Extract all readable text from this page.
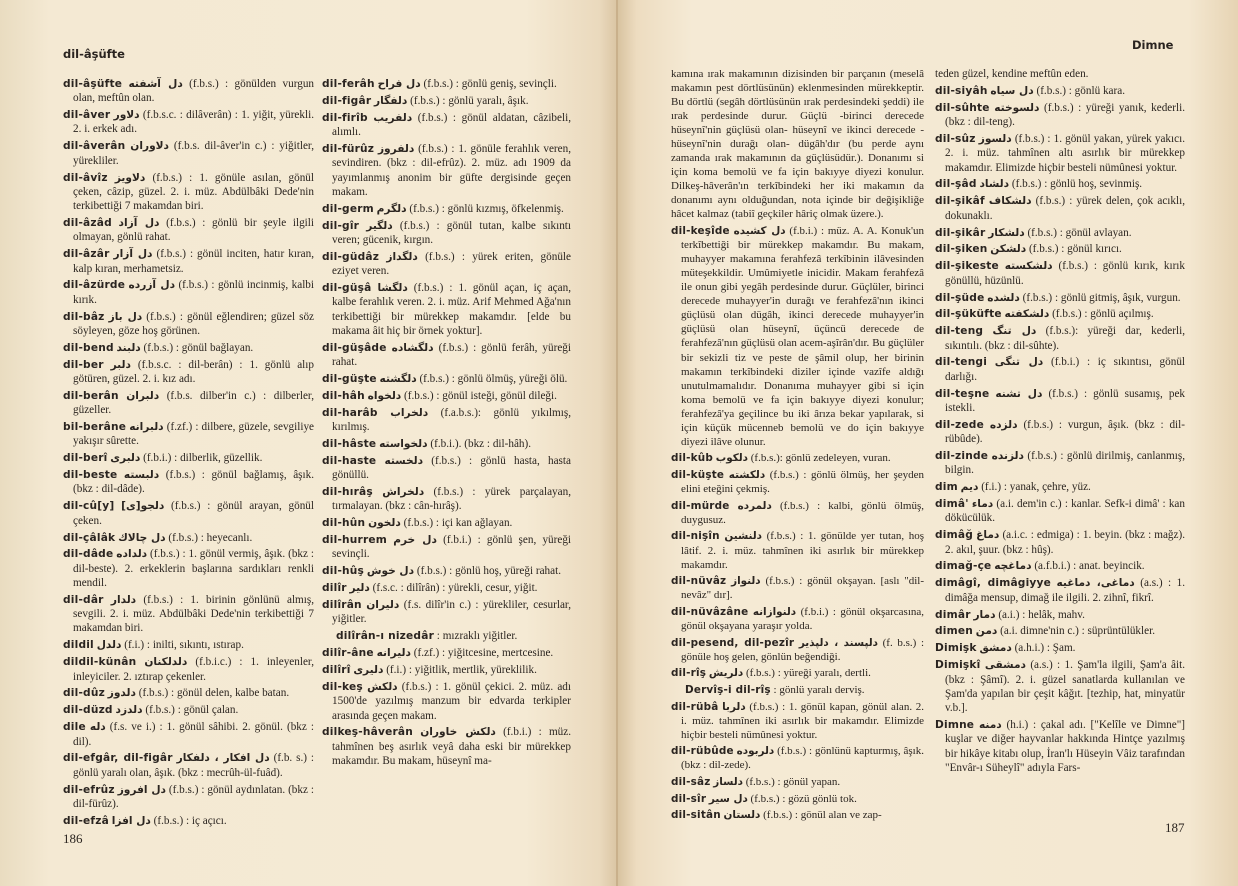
dil-âşüfte
dil-âşüfte دل آشفته (f.b.s.) : gönülden vurgun olan, meftûn olan.
dil-âver دلاور (f.b.s.c. : dilâverân) : 1. yiğit, yürekli. 2. i. erkek adı.
dil-âverân دلاوران (f.b.s. dil-âver'in c.) : yiğitler, yürekliler.
dil-âvîz دلاويز (f.b.s.) : 1. gönüle asılan, gönül çeken, câzip, güzel. 2. i. müz. Abdülbâki Dede'nin terkibettiği 7 makamdan biri.
dil-âzâd دل آزاد (f.b.s.) : gönlü bir şeyle ilgili olmayan, gönlü rahat.
dil-âzâr دل آزار (f.b.s.) : gönül inciten, hatır kıran, kalp kıran, merhametsiz.
dil-âzürde دل آزرده (f.b.s.) : gönlü incinmiş, kalbi kırık.
dil-bâz دل باز (f.b.s.) : gönül eğlendiren; güzel söz söyleyen, göze hoş görünen.
dil-bend دلبند (f.b.s.) : gönül bağlayan.
dil-ber دلبر (f.b.s.c. : dil-berân) : 1. gönlü alıp götüren, güzel. 2. i. kız adı.
dil-berân دلبران (f.b.s. dilber'in c.) : dilberler, güzeller.
bil-berâne دلبرانه (f.zf.) : dilbere, güzele, sevgiliye yakışır sûrette.
dil-berî دلبرى (f.b.i.) : dilberlik, güzellik.
dil-beste دلبسته (f.b.s.) : gönül bağlamış, âşık. (bkz : dil-dâde).
dil-cû[y] دلجو[ى] (f.b.s.) : gönül arayan, gönül çeken.
dil-çâlâk دل چالاك (f.b.s.) : heyecanlı.
dil-dâde دلداده (f.b.s.) : 1. gönül vermiş, âşık. (bkz : dil-beste). 2. erkeklerin başlarına sardıkları renkli mendil.
dil-dâr دلدار (f.b.s.) : 1. birinin gönlünü almış, sevgili. 2. i. müz. Abdülbâki Dede'nin terkibettiği 7 makamdan biri.
dildil دلدل (f.i.) : inilti, sıkıntı, ıstırap.
dildil-künân دلدلكنان (f.b.i.c.) : 1. inleyenler, inleyiciler. 2. ıztırap çekenler.
dil-dûz دلدوز (f.b.s.) : gönül delen, kalbe batan.
dil-düzd دلدزد (f.b.s.) : gönül çalan.
dile دله (f.s. ve i.) : 1. gönül sâhibi. 2. gönül. (bkz : dil).
dil-efgâr, dil-figâr دل افكار ، دلفكار (f.b. s.) : gönlü yaralı olan, âşık. (bkz : mecrûh-ül-fuâd).
dil-efrûz دل افروز (f.b.s.) : gönül aydınlatan. (bkz : dil-fürûz).
dil-efzâ دل افزا (f.b.s.) : iç açıcı.
dil-ferâh دل فراح (f.b.s.) : gönlü geniş, sevinçli.
dil-figâr دلفگار (f.b.s.) : gönlü yaralı, âşık.
dil-firîb دلفريب (f.b.s.) : gönül aldatan, câzibeli, alımlı.
dil-fürûz دلفروز (f.b.s.) : 1. gönüle ferahlık veren, sevindiren. (bkz : dil-efrûz). 2. müz. adı 1909 da yayımlanmış anonim bir güfte dergisinde geçen makam.
dil-germ دلگرم (f.b.s.) : gönlü kızmış, öfkelenmiş.
dil-gîr دلگير (f.b.s.) : gönül tutan, kalbe sıkıntı veren; gücenik, kırgın.
dil-güdâz دلگداز (f.b.s.) : yürek eriten, gönüle eziyet veren.
dil-güşâ دلگشا (f.b.s.) : 1. gönül açan, iç açan, kalbe ferahlık veren. 2. i. müz. Arif Mehmed Ağa'nın terkibettiği bir mürekkep makamdır. [elde bu makama âit hiç bir örnek yoktur].
dil-güşâde دلگشاده (f.b.s.) : gönlü ferâh, yüreği rahat.
dil-güşte دلگشته (f.b.s.) : gönlü ölmüş, yüreği ölü.
dil-hâh دلخواه (f.b.s.) : gönül isteği, gönül dileği.
dil-harâb دلخراب (f.a.b.s.): gönlü yıkılmış, kırılmış.
dil-hâste دلخواسته (f.b.i.). (bkz : dil-hâh).
dil-haste دلخسته (f.b.s.) : gönlü hasta, hasta gönüllü.
dil-hırâş دلخراش (f.b.s.) : yürek parçalayan, tırmalayan. (bkz : cân-hırâş).
dil-hûn دلخون (f.b.s.) : içi kan ağlayan.
dil-hurrem دل خرم (f.b.i.) : gönlü şen, yüreği sevinçli.
dil-hûş دل خوش (f.b.s.) : gönlü hoş, yüreği rahat.
dilîr دلير (f.s.c. : dilîrân) : yürekli, cesur, yiğit.
dilîrân دليران (f.s. dilîr'in c.) : yürekliler, cesurlar, yiğitler.
dilîrân-ı nizedâr : mızraklı yiğitler.
dilîr-âne دليرانه (f.zf.) : yiğitcesine, mertcesine.
dilîrî دليرى (f.i.) : yiğitlik, mertlik, yüreklilik.
dil-keş دلكش (f.b.s.) : 1. gönül çekici. 2. müz. adı 1500'de yazılmış manzum bir edvarda terkipler arasında geçen makam.
dilkeş-hâverân دلكش خاوران (f.b.i.) : müz. tahmînen beş asırlık veyâ daha eski bir mürekkep makamdır. Bu makam, hüseynî ma-
186
Dimne
kamına ırak makamının dizisinden bir parçanın (meselâ makamın pest dörtlüsünün) eklenmesinden mürekkeptir. Bu dörtlü (segâh dörtlüsünün ırak perdesindeki şeddi) ile ırak perdesinde durur. Güçlü -birinci derecede hüseynî'nin güçlüsü olan- hüseynî ve ikinci derecede -hüseynî'nin durağı olan- dügâh'dır (bu perde aynı zamanda ırak makamının da güçlüsüdür.). Donanımı si için koma bemolü ve fa için bakıyye diyezi konulur. Dilkeş-hâverân'ın terkîbindeki her iki makamın da donanımı aynı olduğundan, nota içinde bir değişikliğe hâcet kalmaz (tabiî geçkiler hâriç olmak üzere.).
dil-keşîde دل كشيده (f.b.i.) : müz. A. A. Konuk'un terkîbettiği bir mürekkep makamdır. Bu makam, muhayyer makamına ferahfezâ terkîbinin ilâvesinden müteşekkildir. Umûmiyetle inicidir. Makam ferahfezâ ile onun gibi yegâh perdesinde durur. Güçlüler, birinci derecede muhayyer'in durağı ve ferahfezâ'nın ikinci güçlüsü olan dügâh, ikinci derecede muhayyer'in güçlüsü olan hüseynî, üçüncü derecede de ferahfezâ'nın güçlüsü olan acem-aşîrân'dır. Bu güçlüler bir sekizli tiz ve peste de şâmil olup, her birinin makamın terkîbindeki diziler içinde vazîfe aldığı unutulmamalıdır. Donanıma muhayyer gibi si için koma bemolü ve fa için bakıyye diyezi konulur; ferahfezâ'ya geçilince bu iki ârıza bekar yapılarak, si için küçük mücenneb bemolü ve do için bakıyye diyezi ilâve olunur.
dil-kûb دلكوب (f.b.s.): gönlü zedeleyen, vuran.
dil-küşte دلكشته (f.b.s.) : gönlü ölmüş, her şeyden elini eteğini çekmiş.
dil-mürde دلمرده (f.b.s.) : kalbi, gönlü ölmüş, duygusuz.
dil-nişîn دلنشين (f.b.s.) : 1. gönülde yer tutan, hoş lâtif. 2. i. müz. tahmînen iki asırlık bir mürekkep makamdır.
dil-nüvâz دلنواز (f.b.s.) : gönül okşayan. [aslı "dil-nevâz" dır].
dil-nüvâzâne دلنوازانه (f.b.i.) : gönül okşarcasına, gönül okşayana yaraşır yolda.
dil-pesend, dil-pezîr دلپسند ، دلپذير (f. b.s.) : gönüle hoş gelen, gönlün beğendiği.
dil-rîş دلريش (f.b.s.) : yüreği yaralı, dertli.
Dervîş-i dil-rîş : gönlü yaralı derviş.
dil-rübâ دلربا (f.b.s.) : 1. gönül kapan, gönül alan. 2. i. müz. tahmînen iki asırlık bir makamdır. Elimizde hiçbir besteli nümûnesi yoktur.
dil-rübûde دلربوده (f.b.s.) : gönlünü kapturmış, âşık. (bkz : dil-zede).
dil-sâz دلساز (f.b.s.) : gönül yapan.
dil-sîr دل سير (f.b.s.) : gözü gönlü tok.
dil-sitân دلستان (f.b.s.) : gönül alan ve zap-
teden güzel, kendine meftûn eden.
dil-siyâh دل سياه (f.b.s.) : gönlü kara.
dil-sûhte دلسوخته (f.b.s.) : yüreği yanık, kederli. (bkz : dil-teng).
dil-sûz دلسوز (f.b.s.) : 1. gönül yakan, yürek yakıcı. 2. i. müz. tahmînen altı asırlık bir mürekkep makamdır. Elimizde hiçbir besteli nümûnesi yoktur.
dil-şâd دلشاد (f.b.s.) : gönlü hoş, sevinmiş.
dil-şikâf دلشكاف (f.b.s.) : yürek delen, çok acıklı, dokunaklı.
dil-şikâr دلشكار (f.b.s.) : gönül avlayan.
dil-şiken دلشكن (f.b.s.) : gönül kırıcı.
dil-şikeste دلشكسته (f.b.s.) : gönlü kırık, kırık gönüllü, hüzünlü.
dil-şüde دلشده (f.b.s.) : gönlü gitmiş, âşık, vurgun.
dil-şüküfte دلشكفته (f.b.s.) : gönlü açılmış.
dil-teng دل تنگ (f.b.s.): yüreği dar, kederli, sıkıntılı. (bkz : dil-sûhte).
dil-tengi دل تنگى (f.b.i.) : iç sıkıntısı, gönül darlığı.
dil-teşne دل تشنه (f.b.s.) : gönlü susamış, pek istekli.
dil-zede دلزده (f.b.s.) : vurgun, âşık. (bkz : dil-rübûde).
dil-zinde دلزنده (f.b.s.) : gönlü dirilmiş, canlanmış, bilgin.
dim ديم (f.i.) : yanak, çehre, yüz.
dimâ' دماء (a.i. dem'in c.) : kanlar. Sefk-i dimâ' : kan dökücülük.
dimâğ دماغ (a.i.c. : edmiga) : 1. beyin. (bkz : mağz). 2. akıl, şuur. (bkz : hûş).
dimağ-çe دماغچه (a.f.b.i.) : anat. beyincik.
dimâgî, dimâgiyye دماغى، دماغيه (a.s.) : 1. dimâğa mensup, dimağ ile ilgili. 2. zihnî, fikrî.
dimâr دمار (a.i.) : helâk, mahv.
dimen دمن (a.i. dimne'nin c.) : süprüntülükler.
Dimişk دمشق (a.h.i.) : Şam.
Dimişkî دمشقى (a.s.) : 1. Şam'la ilgili, Şam'a âit. (bkz : Şâmî). 2. i. güzel sanatlarda kullanılan ve Şam'da yapılan bir çeşit kâğıt. [tezhip, hat, minyatür v.b.].
Dimne دمنه (h.i.) : çakal adı. ["Kelîle ve Dimne"] kuşlar ve diğer hayvanlar hakkında Hintçe yazılmış bir hikâye kitabı olup, İran'lı Hüseyin Vâiz tarafından "Envâr-ı Süheylî" adıyla Fars-
187
